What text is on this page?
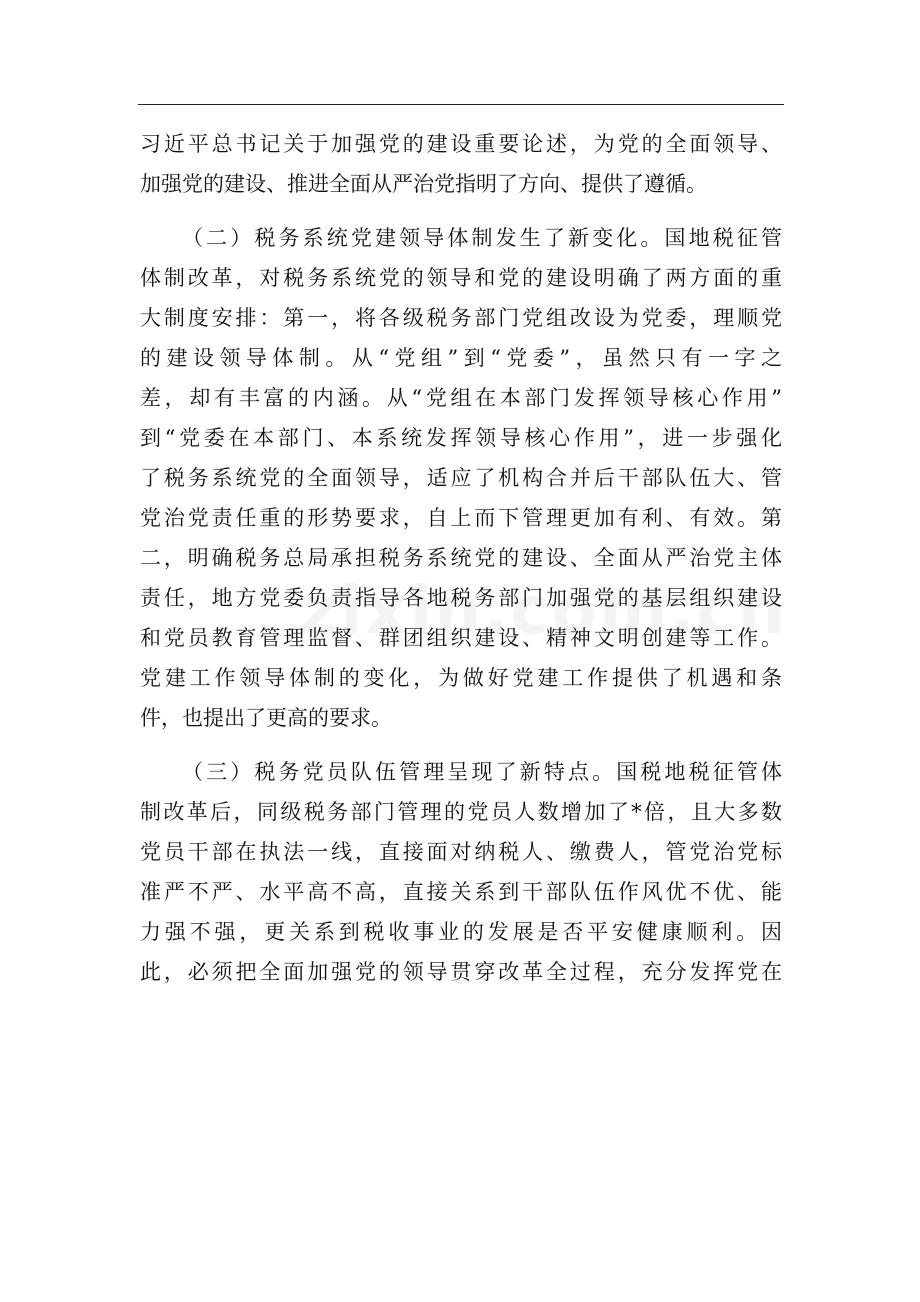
习近平总书记关于加强党的建设重要论述，为党的全面领导、
加强党的建设、推进全面从严治党指明了方向、提供了遵循。
（二）税务系统党建领导体制发生了新变化。国地税征管
体制改革，对税务系统党的领导和党的建设明确了两方面的重
大制度安排：第一，将各级税务部门党组改设为党委，理顺党
的建设领导体制。从“党组”到“党委”，虽然只有一字之
差，却有丰富的内涵。从“党组在本部门发挥领导核心作用”
到“党委在本部门、本系统发挥领导核心作用”，进一步强化
了税务系统党的全面领导，适应了机构合并后干部队伍大、管
党治党责任重的形势要求，自上而下管理更加有利、有效。第
二，明确税务总局承担税务系统党的建设、全面从严治党主体
责任，地方党委负责指导各地税务部门加强党的基层组织建设
和党员教育管理监督、群团组织建设、精神文明创建等工作。
党建工作领导体制的变化，为做好党建工作提供了机遇和条
件，也提出了更高的要求。
（三）税务党员队伍管理呈现了新特点。国税地税征管体
制改革后，同级税务部门管理的党员人数增加了*倍，且大多数
党员干部在执法一线，直接面对纳税人、缴费人，管党治党标
准严不严、水平高不高，直接关系到干部队伍作风优不优、能
力强不强，更关系到税收事业的发展是否平安健康顺利。因
此，必须把全面加强党的领导贯穿改革全过程，充分发挥党在
